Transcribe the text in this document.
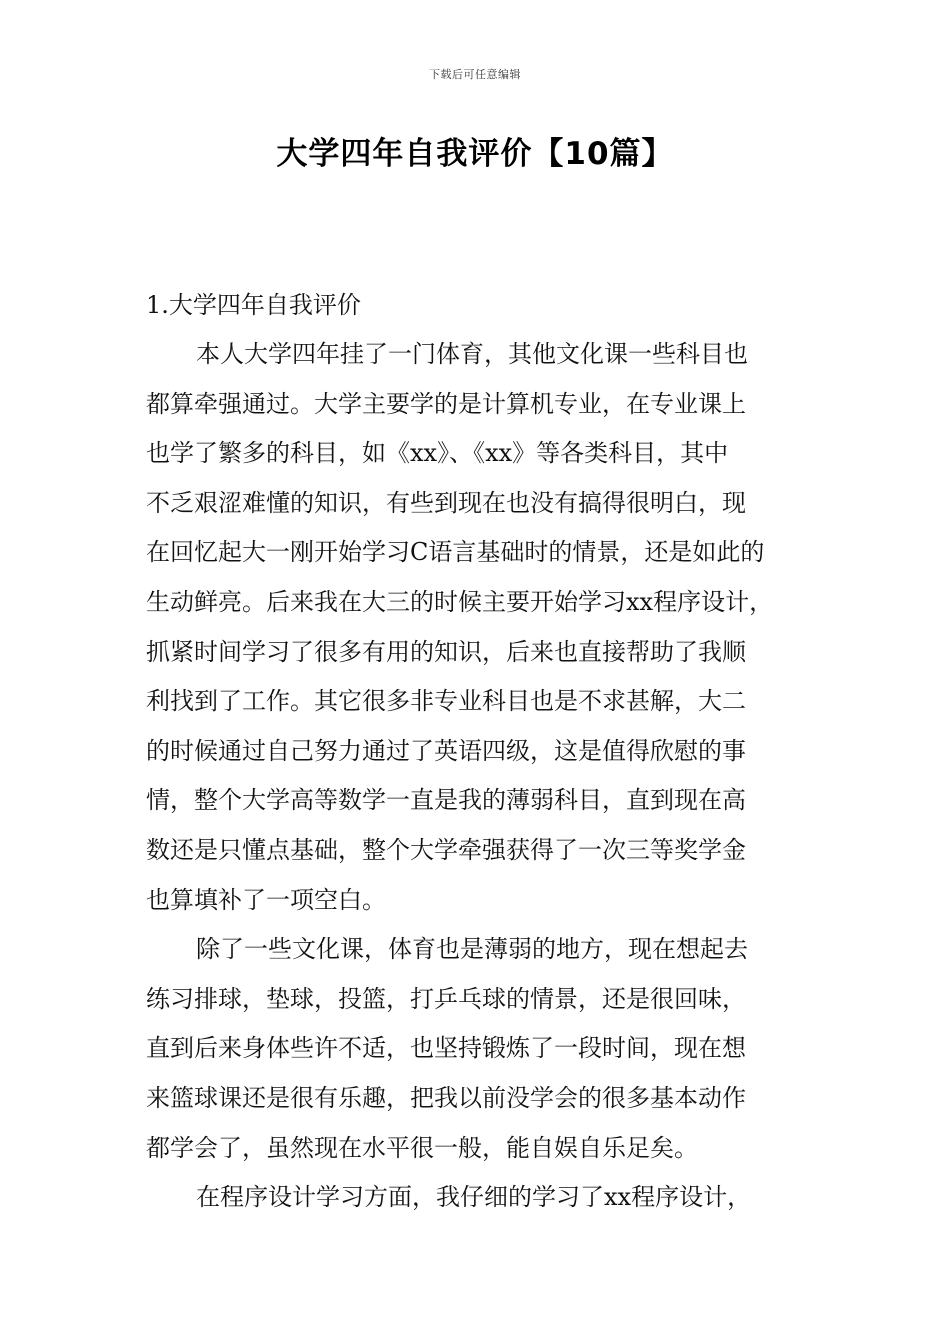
下载后可任意编辑
大学四年自我评价【10篇】

1.大学四年自我评价

本人大学四年挂了一门体育，其他文化课一些科目也

都算牵强通过。大学主要学的是计算机专业，在专业课上

也学了繁多的科目，如《xx》、《xx》等各类科目，其中

不乏艰涩难懂的知识，有些到现在也没有搞得很明白，现

在回忆起大一刚开始学习C语言基础时的情景，还是如此的

生动鲜亮。后来我在大三的时候主要开始学习xx程序设计，

抓紧时间学习了很多有用的知识，后来也直接帮助了我顺

利找到了工作。其它很多非专业科目也是不求甚解，大二

的时候通过自己努力通过了英语四级，这是值得欣慰的事

情，整个大学高等数学一直是我的薄弱科目，直到现在高

数还是只懂点基础，整个大学牵强获得了一次三等奖学金

也算填补了一项空白。

除了一些文化课，体育也是薄弱的地方，现在想起去

练习排球，垫球，投篮，打乒乓球的情景，还是很回味，

直到后来身体些许不适，也坚持锻炼了一段时间，现在想

来篮球课还是很有乐趣，把我以前没学会的很多基本动作

都学会了，虽然现在水平很一般，能自娱自乐足矣。

在程序设计学习方面，我仔细的学习了xx程序设计，
